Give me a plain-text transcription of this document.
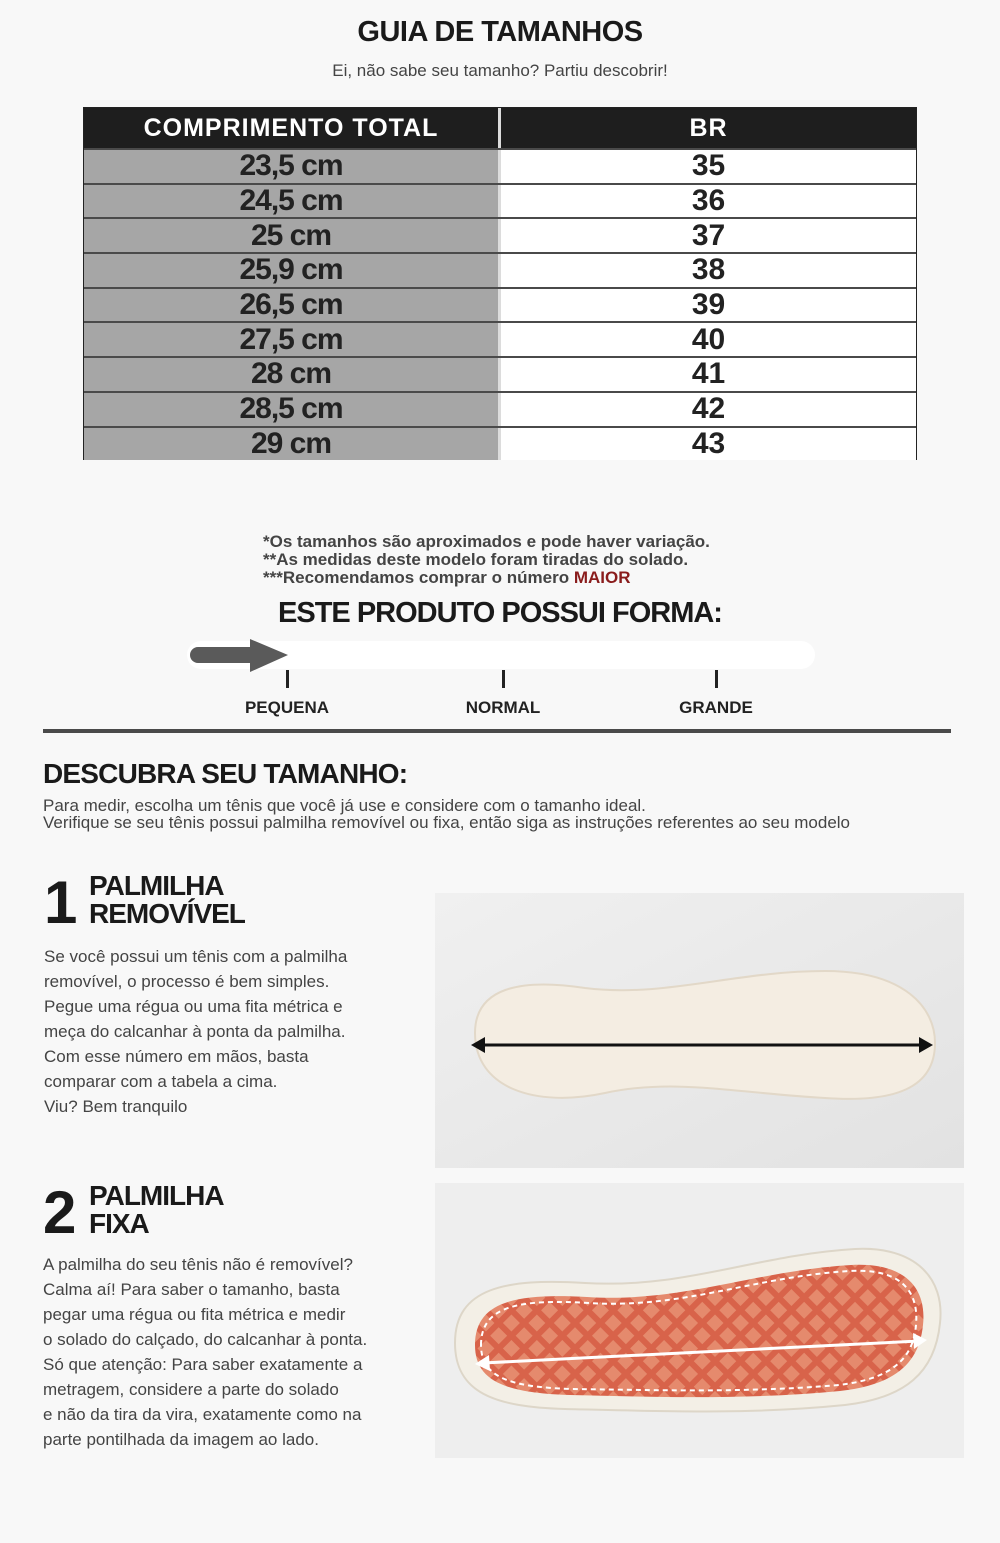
GUIA DE TAMANHOS
Ei, não sabe seu tamanho? Partiu descobrir!
COMPRIMENTO TOTAL	BR
23,5 cm	35
24,5 cm	36
25 cm	37
25,9 cm	38
26,5 cm	39
27,5 cm	40
28 cm	41
28,5 cm	42
29 cm	43
*Os tamanhos são aproximados e pode haver variação.
**As medidas deste modelo foram tiradas do solado.
***Recomendamos comprar o número MAIOR
ESTE PRODUTO POSSUI FORMA:
PEQUENA	NORMAL	GRANDE
DESCUBRA SEU TAMANHO:
Para medir, escolha um tênis que você já use e considere com o tamanho ideal.
Verifique se seu tênis possui palmilha removível ou fixa, então siga as instruções referentes ao seu modelo
1 PALMILHA
REMOVÍVEL
Se você possui um tênis com a palmilha
removível, o processo é bem simples.
Pegue uma régua ou uma fita métrica e
meça do calcanhar à ponta da palmilha.
Com esse número em mãos, basta
comparar com a tabela a cima.
Viu? Bem tranquilo
2 PALMILHA
FIXA
A palmilha do seu tênis não é removível?
Calma aí! Para saber o tamanho, basta
pegar uma régua ou fita métrica e medir
o solado do calçado, do calcanhar à ponta.
Só que atenção: Para saber exatamente a
metragem, considere a parte do solado
e não da tira da vira, exatamente como na
parte pontilhada da imagem ao lado.
